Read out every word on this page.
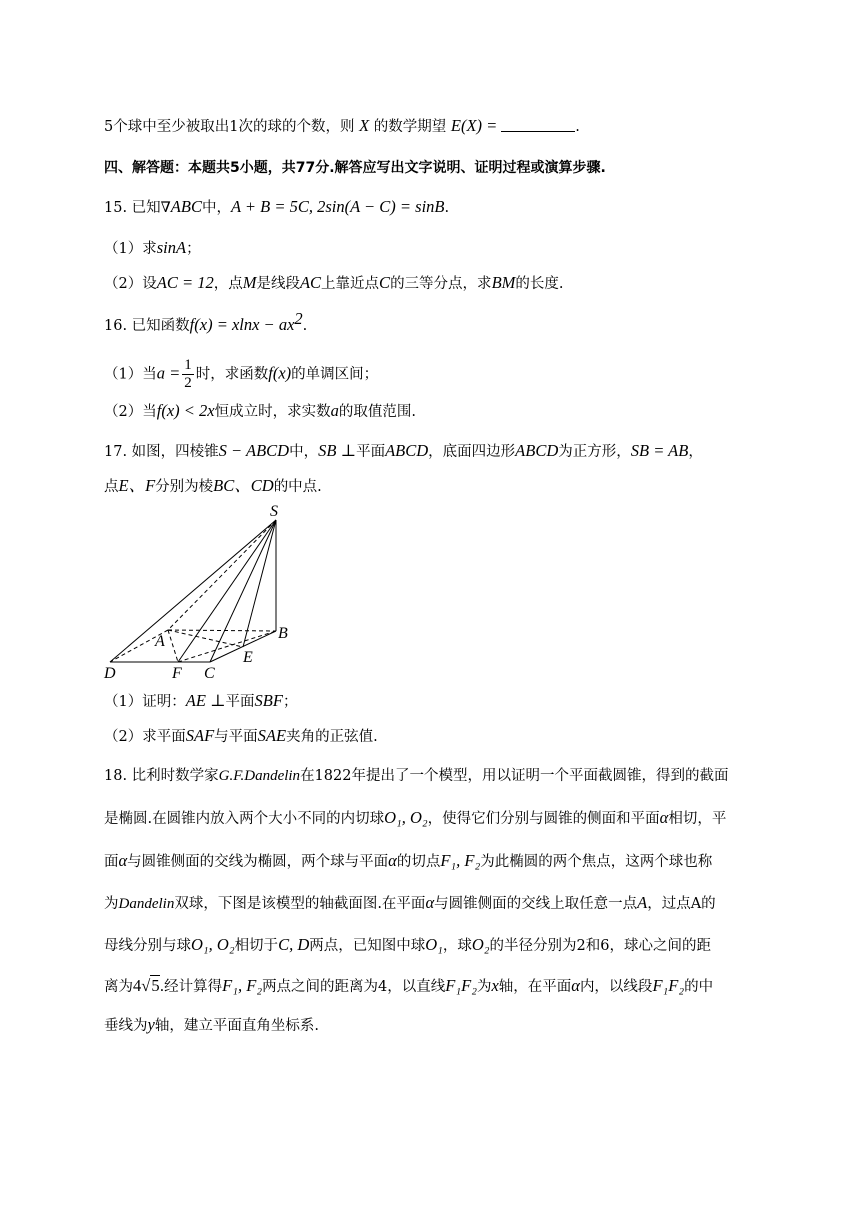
5个球中至少被取出1次的球的个数，则 X 的数学期望 E(X) =	.
四、解答题：本题共5小题，共77分.解答应写出文字说明、证明过程或演算步骤.
15. 已知∇ABC中，A + B = 5C, 2sin(A − C) = sinB.
（1）求sinA；
（2）设AC = 12，点M是线段AC上靠近点C的三等分点，求BM的长度.
16. 已知函数$f(x) = xlnx - ax^2$.
（1）当$a = \frac{1}{2}$ 时，求函数f(x)的单调区间；
（2）当f(x) < 2x恒成立时，求实数a的取值范围.
17. 如图，四棱锥S − ABCD中，SB ⊥平面ABCD，底面四边形ABCD为正方形，SB = AB，
点E、F分别为棱BC、CD的中点.
S
A	B
C
D
E
F
（1）证明：AE ⊥平面SBF；
（2）求平面SAF与平面SAE夹角的正弦值.
18. 比利时数学家G.F.Dandelin在1822年提出了一个模型，用以证明一个平面截圆锥，得到的截面
是椭圆.在圆锥内放入两个大小不同的内切球O₁, O₂，使得它们分别与圆锥的侧面和平面α相切，平
面α与圆锥侧面的交线为椭圆，两个球与平面α的切点F₁, F₂为此椭圆的两个焦点，这两个球也称
为Dandelin双球，下图是该模型的轴截面图.在平面α与圆锥侧面的交线上取任意一点A，过点A的
母线分别与球O₁, O₂相切于C, D两点，已知图中球O₁，球O₂的半径分别为2和6，球心之间的距
离为4√5.经计算得F₁, F₂两点之间的距离为4，以直线F₁F₂为x轴，在平面α内，以线段F₁F₂的中
垂线为y轴，建立平面直角坐标系.
